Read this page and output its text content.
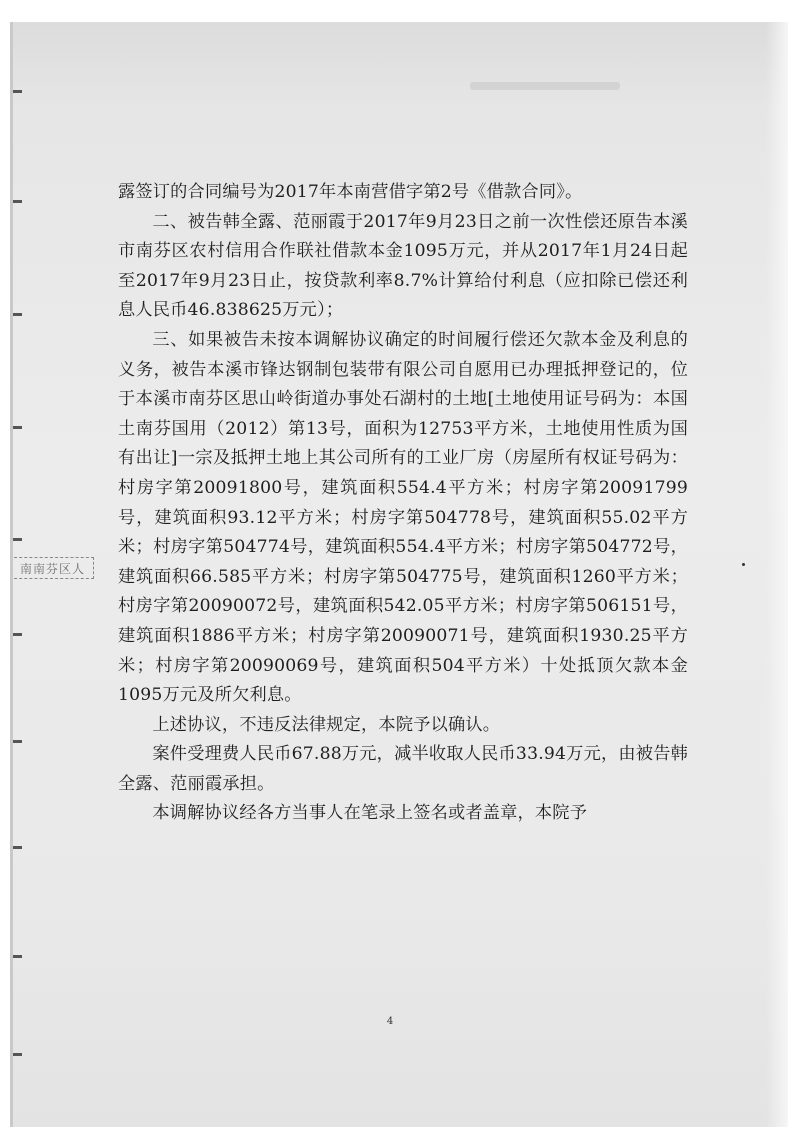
南南芬区人

露签订的合同编号为2017年本南营借字第2号《借款合同》。

二、被告韩全露、范丽霞于2017年9月23日之前一次性偿还原告本溪市南芬区农村信用合作联社借款本金1095万元，并从2017年1月24日起至2017年9月23日止，按贷款利率8.7%计算给付利息（应扣除已偿还利息人民币46.838625万元）；

三、如果被告未按本调解协议确定的时间履行偿还欠款本金及利息的义务，被告本溪市锋达钢制包装带有限公司自愿用已办理抵押登记的，位于本溪市南芬区思山岭街道办事处石湖村的土地[土地使用证号码为：本国土南芬国用（2012）第13号，面积为12753平方米，土地使用性质为国有出让]一宗及抵押土地上其公司所有的工业厂房（房屋所有权证号码为：村房字第20091800号，建筑面积554.4平方米；村房字第20091799号，建筑面积93.12平方米；村房字第504778号，建筑面积55.02平方米；村房字第504774号，建筑面积554.4平方米；村房字第504772号，建筑面积66.585平方米；村房字第504775号，建筑面积1260平方米；村房字第20090072号，建筑面积542.05平方米；村房字第506151号，建筑面积1886平方米；村房字第20090071号，建筑面积1930.25平方米；村房字第20090069号，建筑面积504平方米）十处抵顶欠款本金1095万元及所欠利息。

上述协议，不违反法律规定，本院予以确认。

案件受理费人民币67.88万元，减半收取人民币33.94万元，由被告韩全露、范丽霞承担。

本调解协议经各方当事人在笔录上签名或者盖章，本院予

4
